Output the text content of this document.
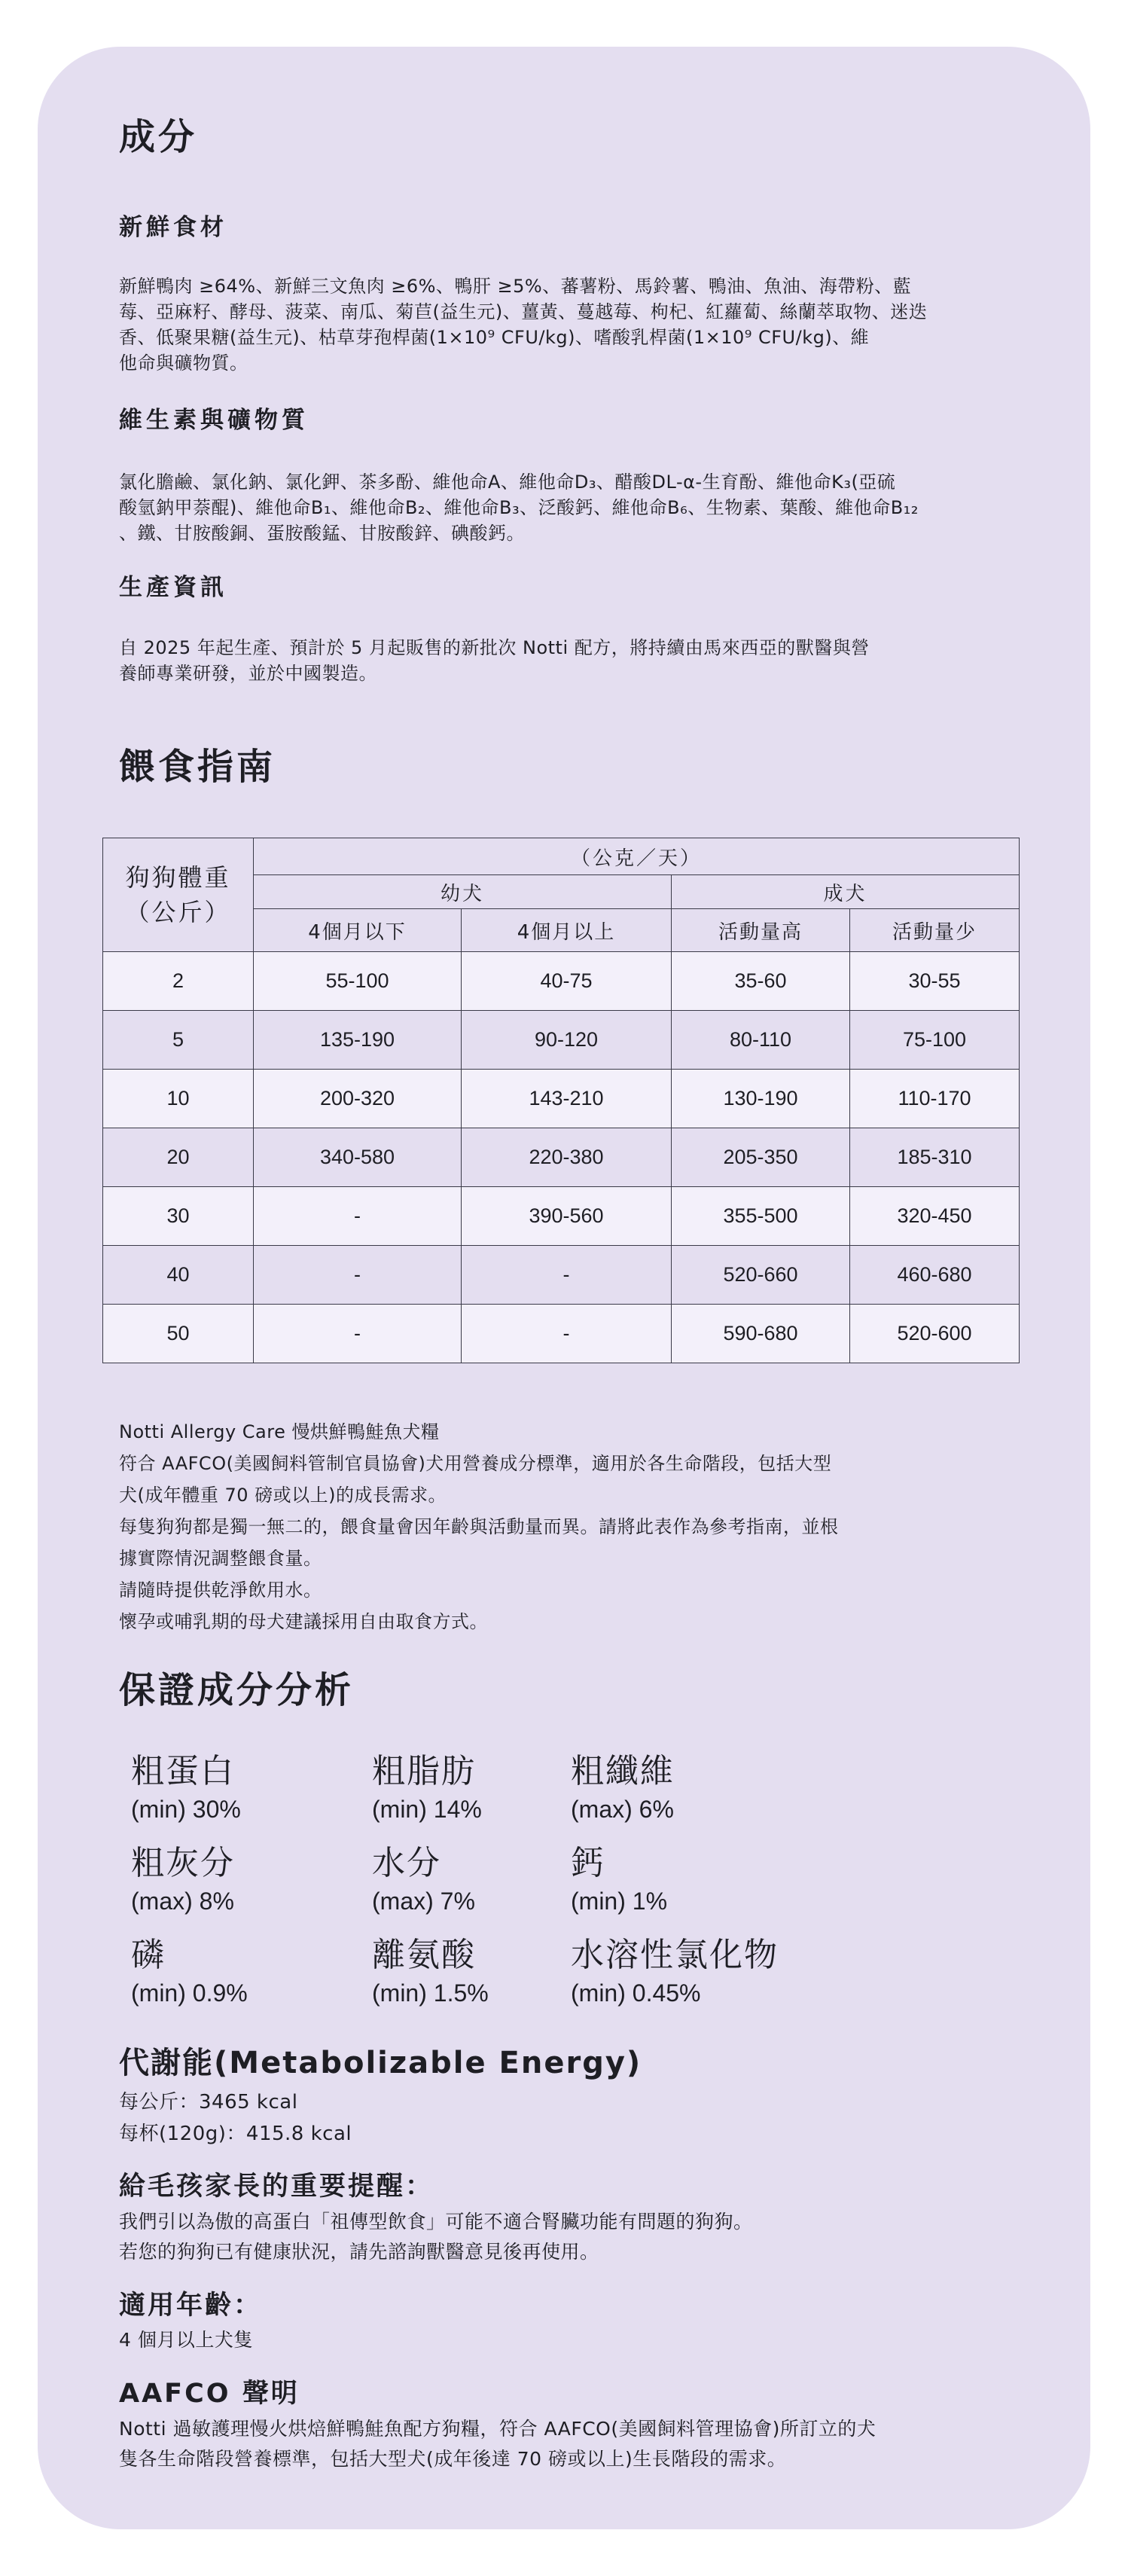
成分
新鮮食材
新鮮鴨肉 ≥64%、新鮮三文魚肉 ≥6%、鴨肝 ≥5%、蕃薯粉、馬鈴薯、鴨油、魚油、海帶粉、藍
莓、亞麻籽、酵母、菠菜、南瓜、菊苣(益生元)、薑黃、蔓越莓、枸杞、紅蘿蔔、絲蘭萃取物、迷迭
香、低聚果糖(益生元)、枯草芽孢桿菌(1×10⁹ CFU/kg)、嗜酸乳桿菌(1×10⁹ CFU/kg)、維
他命與礦物質。
維生素與礦物質
氯化膽鹼、氯化鈉、氯化鉀、茶多酚、維他命A、維他命D₃、醋酸DL-α-生育酚、維他命K₃(亞硫
酸氫鈉甲萘醌)、維他命B₁、維他命B₂、維他命B₃、泛酸鈣、維他命B₆、生物素、葉酸、維他命B₁₂
、鐵、甘胺酸銅、蛋胺酸錳、甘胺酸鋅、碘酸鈣。
生產資訊
自 2025 年起生產、預計於 5 月起販售的新批次 Notti 配方，將持續由馬來西亞的獸醫與營
養師專業研發，並於中國製造。
餵食指南
狗狗體重
（公斤）	（公克／天）			
	幼犬		成犬	
	4個月以下	4個月以上	活動量高	活動量少
2	55-100	40-75	35-60	30-55
5	135-190	90-120	80-110	75-100
10	200-320	143-210	130-190	110-170
20	340-580	220-380	205-350	185-310
30	-	390-560	355-500	320-450
40	-	-	520-660	460-680
50	-	-	590-680	520-600
Notti Allergy Care 慢烘鮮鴨鮭魚犬糧
符合 AAFCO(美國飼料管制官員協會)犬用營養成分標準，適用於各生命階段，包括大型
犬(成年體重 70 磅或以上)的成長需求。
每隻狗狗都是獨一無二的，餵食量會因年齡與活動量而異。請將此表作為參考指南，並根
據實際情況調整餵食量。
請隨時提供乾淨飲用水。
懷孕或哺乳期的母犬建議採用自由取食方式。
保證成分分析
粗蛋白
(min) 30%
粗脂肪
(min) 14%
粗纖維
(max) 6%
粗灰分
(max) 8%
水分
(max) 7%
鈣
(min) 1%
磷
(min) 0.9%
離氨酸
(min) 1.5%
水溶性氯化物
(min) 0.45%
代謝能(Metabolizable Energy)
每公斤：3465 kcal
每杯(120g)：415.8 kcal
給毛孩家長的重要提醒：
我們引以為傲的高蛋白「祖傳型飲食」可能不適合腎臟功能有問題的狗狗。
若您的狗狗已有健康狀況，請先諮詢獸醫意見後再使用。
適用年齡：
4 個月以上犬隻
AAFCO 聲明
Notti 過敏護理慢火烘焙鮮鴨鮭魚配方狗糧，符合 AAFCO(美國飼料管理協會)所訂立的犬
隻各生命階段營養標準，包括大型犬(成年後達 70 磅或以上)生長階段的需求。
